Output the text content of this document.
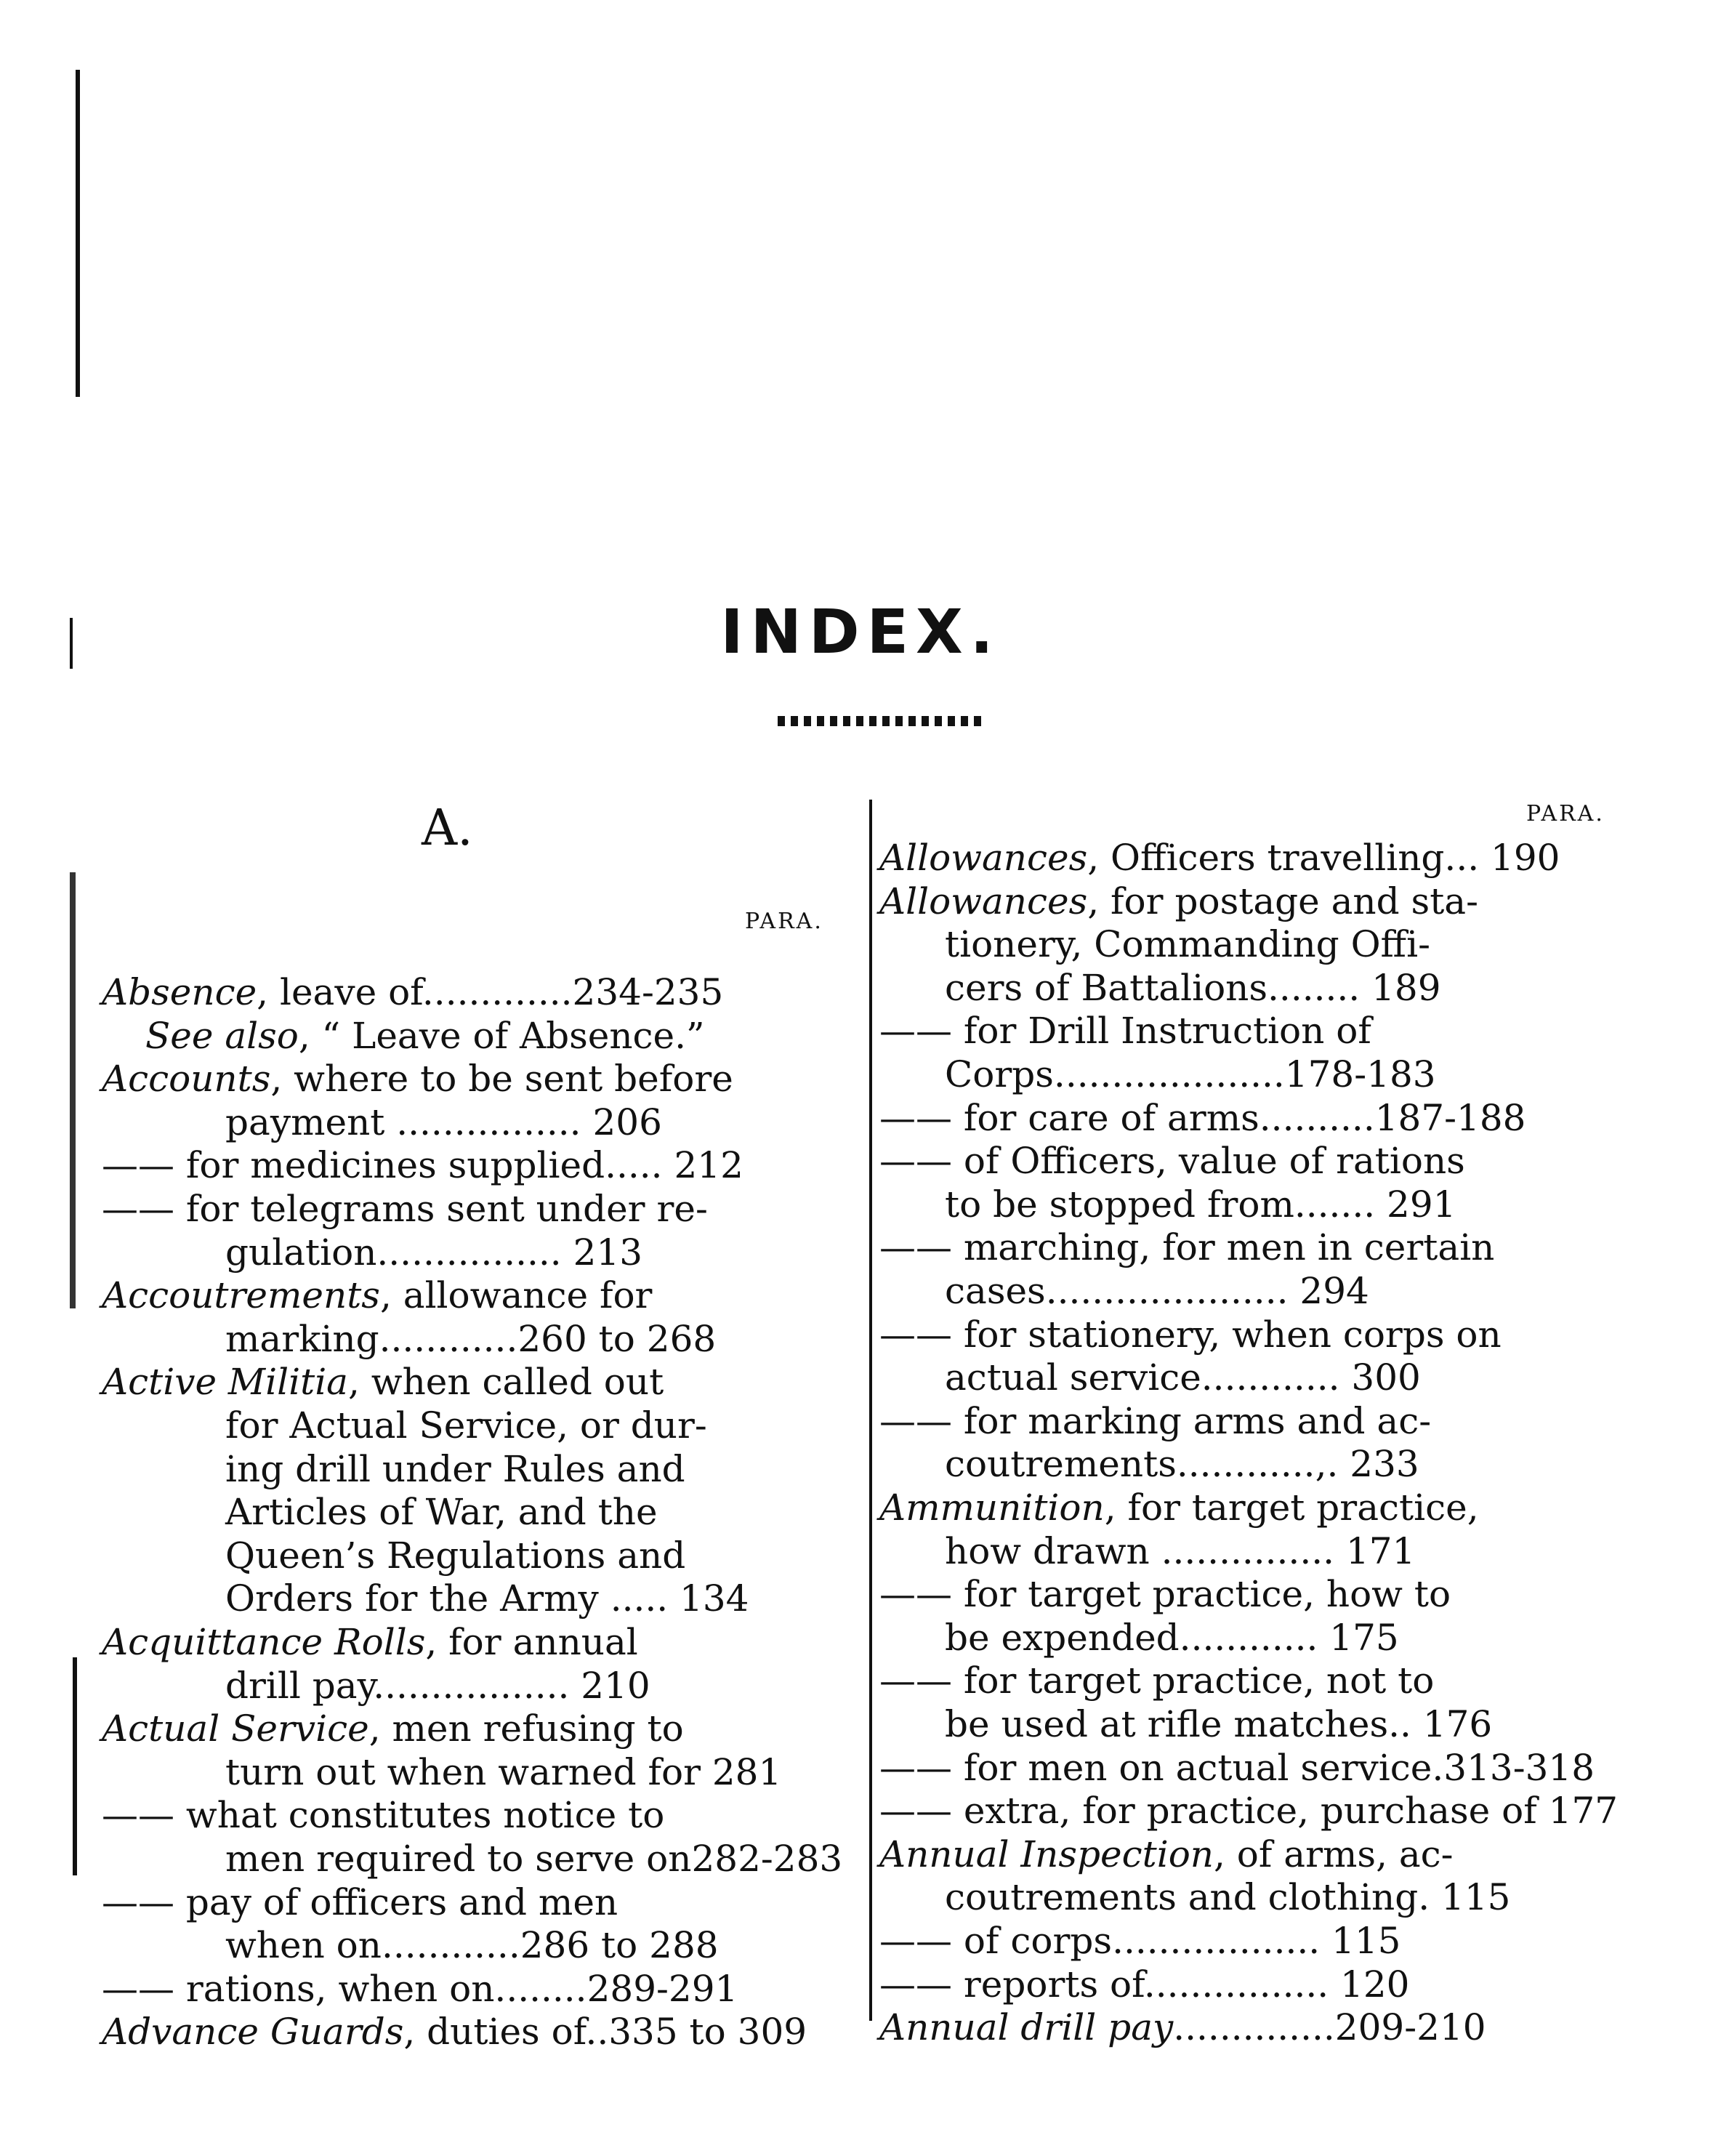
INDEX.
A.
PARA.
PARA.
Absence, leave of.............234-235
See also, “ Leave of Absence.”
Accounts, where to be sent before
payment ................ 206
—— for medicines supplied..... 212
—— for telegrams sent under re-
gulation................ 213
Accoutrements, allowance for
marking............260 to 268
Active Militia, when called out
for Actual Service, or dur-
ing drill under Rules and
Articles of War, and the
Queen’s Regulations and
Orders for the Army ..... 134
Acquittance Rolls, for annual
drill pay................. 210
Actual Service, men refusing to
turn out when warned for 281
—— what constitutes notice to
men required to serve on282-283
—— pay of officers and men
when on............286 to 288
—— rations, when on........289-291
Advance Guards, duties of..335 to 309
Allowances, Officers travelling... 190
Allowances, for postage and sta-
tionery, Commanding Offi-
cers of Battalions........ 189
—— for Drill Instruction of
Corps....................178-183
—— for care of arms..........187-188
—— of Officers, value of rations
to be stopped from....... 291
—— marching, for men in certain
cases..................... 294
—— for stationery, when corps on
actual service............ 300
—— for marking arms and ac-
coutrements............,. 233
Ammunition, for target practice,
how drawn ............... 171
—— for target practice, how to
be expended............ 175
—— for target practice, not to
be used at rifle matches.. 176
—— for men on actual service.313-318
—— extra, for practice, purchase of 177
Annual Inspection, of arms, ac-
coutrements and clothing. 115
—— of corps.................. 115
—— reports of................ 120
Annual drill pay..............209-210
